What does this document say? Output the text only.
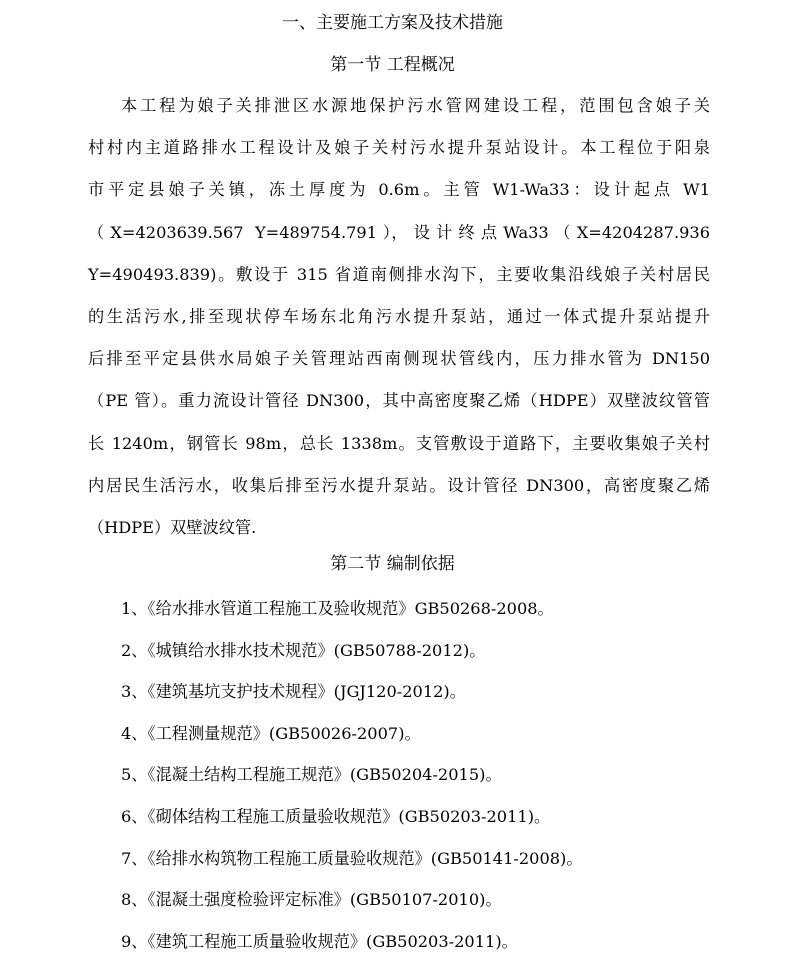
一、主要施工方案及技术措施
第一节 工程概况
本工程为娘子关排泄区水源地保护污水管网建设工程，范围包含娘子关
村村内主道路排水工程设计及娘子关村污水提升泵站设计。本工程位于阳泉
市平定县娘子关镇，冻土厚度为 0.6m。主管 W1-Wa33：设计起点 W1
（ X=4203639.567  Y=489754.791 ）， 设 计 终 点 Wa33 （ X=4204287.936
Y=490493.839)。敷设于 315 省道南侧排水沟下，主要收集沿线娘子关村居民
的生活污水,排至现状停车场东北角污水提升泵站，通过一体式提升泵站提升
后排至平定县供水局娘子关管理站西南侧现状管线内，压力排水管为 DN150
（PE 管）。重力流设计管径 DN300，其中高密度聚乙烯（HDPE）双壁波纹管管
长 1240m，钢管长 98m，总长 1338m。支管敷设于道路下，主要收集娘子关村
内居民生活污水，收集后排至污水提升泵站。设计管径 DN300，高密度聚乙烯
（HDPE）双壁波纹管.
第二节 编制依据
1、《给水排水管道工程施工及验收规范》GB50268-2008。
2、《城镇给水排水技术规范》(GB50788-2012)。
3、《建筑基坑支护技术规程》(JGJ120-2012)。
4、《工程测量规范》(GB50026-2007)。
5、《混凝土结构工程施工规范》(GB50204-2015)。
6、《砌体结构工程施工质量验收规范》(GB50203-2011)。
7、《给排水构筑物工程施工质量验收规范》(GB50141-2008)。
8、《混凝土强度检验评定标准》(GB50107-2010)。
9、《建筑工程施工质量验收规范》(GB50203-2011)。
